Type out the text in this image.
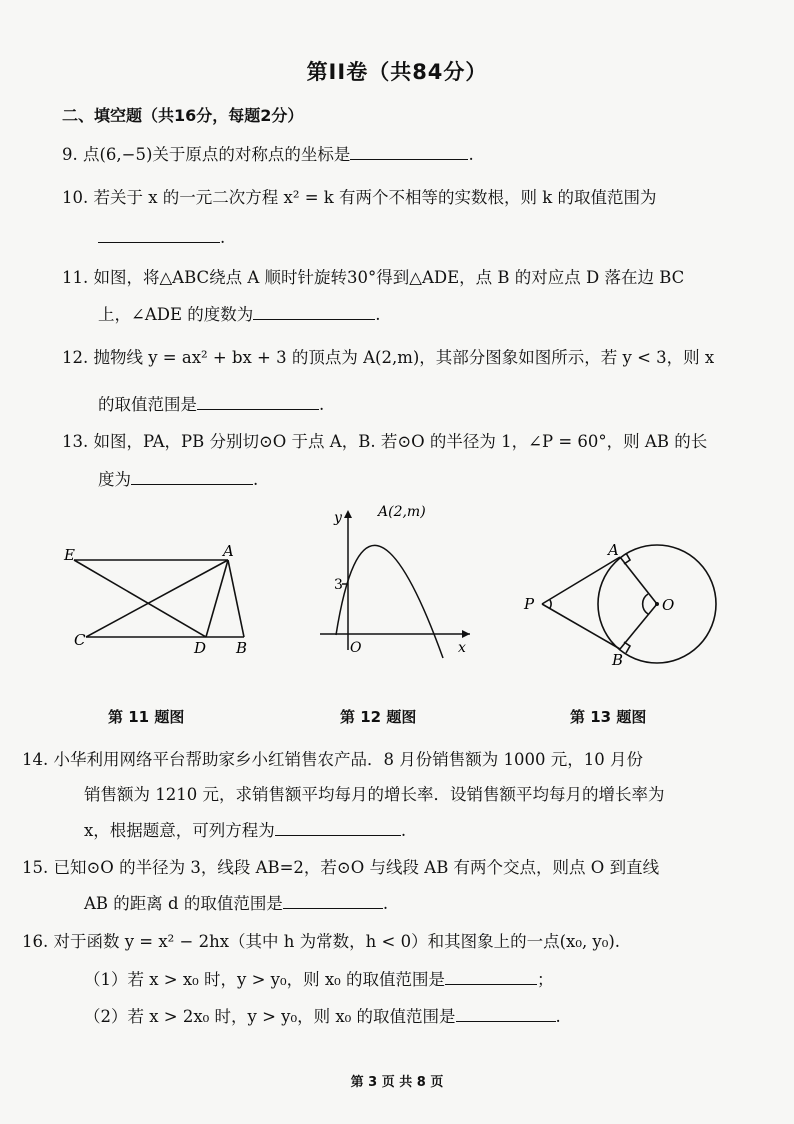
第II卷（共84分）
二、填空题（共16分，每题2分）
9. 点(6,−5)关于原点的对称点的坐标是	.
10. 若关于 x 的一元二次方程 x² = k 有两个不相等的实数根，则 k 的取值范围为
.
11. 如图，将△ABC绕点 A 顺时针旋转30°得到△ADE，点 B 的对应点 D 落在边 BC
上，∠ADE 的度数为	.
12. 抛物线 y = ax² + bx + 3 的顶点为 A(2,m)，其部分图象如图所示，若 y < 3，则 x
的取值范围是	.
13. 如图，PA，PB 分别切⊙O 于点 A，B. 若⊙O 的半径为 1，∠P = 60°，则 AB 的长
度为	.
E	A
C	D B
y	A(2,m)
3
O	x
A
P	O
B
第 11 题图	第 12 题图	第 13 题图
14. 小华利用网络平台帮助家乡小红销售农产品．8 月份销售额为 1000 元，10 月份
销售额为 1210 元，求销售额平均每月的增长率．设销售额平均每月的增长率为
x，根据题意，可列方程为	.
15. 已知⊙O 的半径为 3，线段 AB=2，若⊙O 与线段 AB 有两个交点，则点 O 到直线
AB 的距离 d 的取值范围是	.
16. 对于函数 y = x² − 2hx（其中 h 为常数，h < 0）和其图象上的一点(x₀, y₀).
（1）若 x > x₀ 时，y > y₀，则 x₀ 的取值范围是	；
（2）若 x > 2x₀ 时，y > y₀，则 x₀ 的取值范围是	.
第 3 页 共 8 页
